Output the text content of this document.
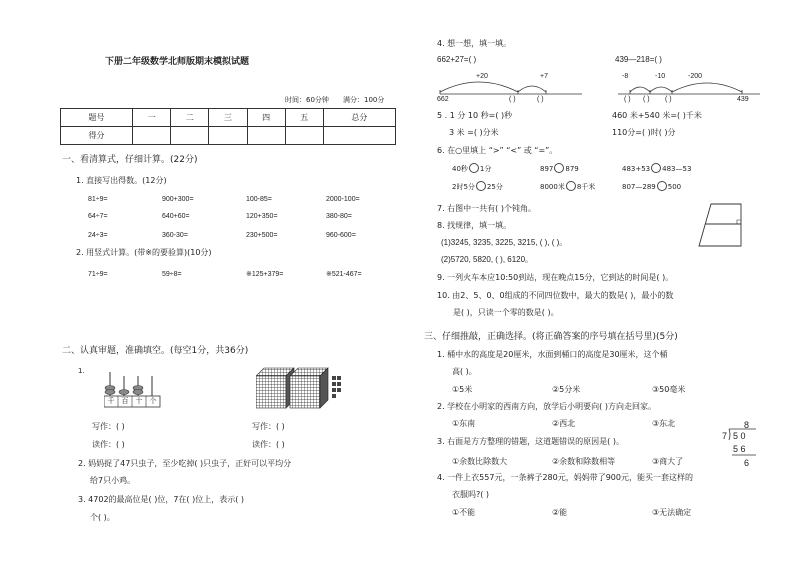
下册二年级数学北师版期末模拟试题
时间：60分钟 满分：100分
题号	一	二	三	四	五	总分
得分						
一、看清算式，仔细计算。(22分)
1. 直接写出得数。(12分)
81÷9=	900+300=	100-85=	2000-100=
64÷7=	640+60=	120+350=	380-80=
24÷3=	360-30=	230+500=	960-600=
2. 用竖式计算。(带※的要验算)(10分)
71÷9=	59÷8=	※125+379=	※521-467=
二、认真审题，准确填空。(每空1分，共36分)
1.
千	百	十	个
写作：( )
读作：( )
写作：( )
读作：( )
2. 妈妈捉了47只虫子，至少吃掉( )只虫子，正好可以平均分
给7只小鸡。
3. 4702的最高位是( )位，7在( )位上，表示( )
个( )。
4. 想一想，填一填。
662+27=( )	439—218=( )
+20	+7
662	( )	( )
-8	-10	-200
( ) ( ) ( )	439
5 . 1 分 10 秒=( )秒	460 米+540 米=( )千米
3 米 =( )分米	110分=( )时( )分
6. 在○里填上 “>” “<” 或 “=”。
40秒 1分	897 879	483+53 483—53
2时5分 25分	8000米 8千米	807—289 500
7. 右图中一共有( )个钝角。
8. 找规律，填一填。
(1)3245, 3235, 3225, 3215, ( ), ( )。
(2)5720, 5820, ( ), 6120。
9. 一列火车本应10:50到站，现在晚点15分，它到达的时间是( )。
10. 由2、5、0、0组成的不同四位数中，最大的数是( )，最小的数
是( )，只读一个零的数是( )。
三、仔细推敲，正确选择。(将正确答案的序号填在括号里)(5分)
1. 桶中水的高度是20厘米，水面到桶口的高度是30厘米，这个桶
高( )。
①5米	②5分米	③50毫米
2. 学校在小明家的西南方向，放学后小明要向( )方向走回家。
①东南	②西北	③东北
3. 右面是方方整理的错题，这道题错误的原因是( )。
①余数比除数大	②余数和除数相等	③商大了
8
7 5 0
5 6
6
4. 一件上衣557元，一条裤子280元，妈妈带了900元，能买一套这样的
衣服吗?( )
①不能	②能	③无法确定
